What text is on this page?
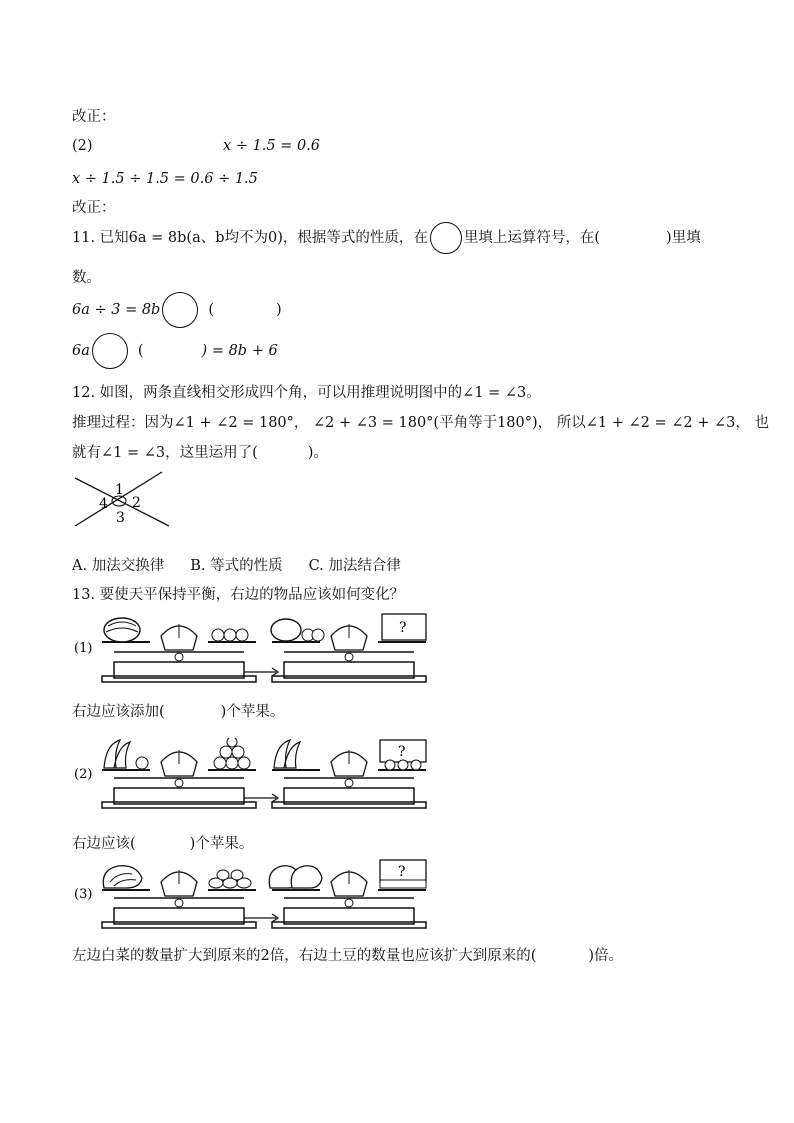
改正：
(2)	x ÷ 1.5 = 0.6
x ÷ 1.5 ÷ 1.5 = 0.6 ÷ 1.5
改正：
11. 已知6a = 8b(a、b均不为0)，根据等式的性质，在 里填上运算符号，在(	)里填
数。
6a ÷ 3 = 8b	(	)
6a	(	) = 8b + 6
12. 如图，两条直线相交形成四个角，可以用推理说明图中的∠1 = ∠3。
推理过程：因为∠1 + ∠2 = 180°， ∠2 + ∠3 = 180°(平角等于180°)， 所以∠1 + ∠2 = ∠2 + ∠3， 也
就有∠1 = ∠3，这里运用了(	)。
1
2
3
4
A. 加法交换律 B. 等式的性质 C. 加法结合律
13. 要使天平保持平衡，右边的物品应该如何变化？
(1)
?
右边应该添加(	)个苹果。
(2)
?
右边应该(	)个苹果。
(3)
?
左边白菜的数量扩大到原来的2倍，右边土豆的数量也应该扩大到原来的(	)倍。
